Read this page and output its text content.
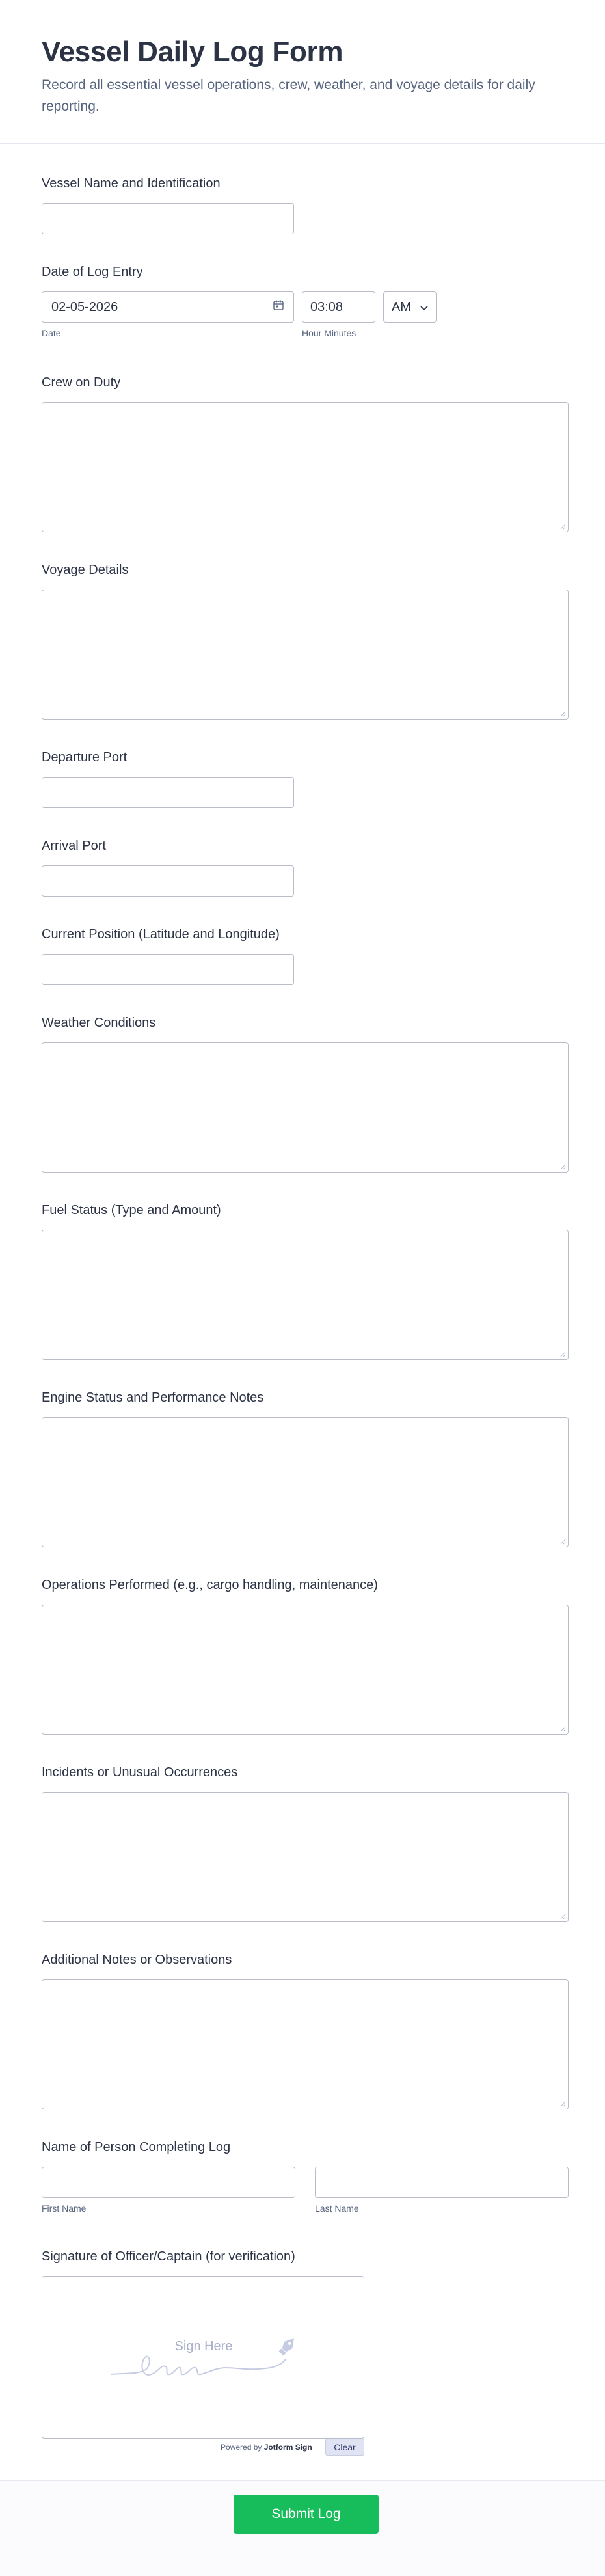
Vessel Daily Log Form
Record all essential vessel operations, crew, weather, and voyage details for daily reporting.
Vessel Name and Identification
Date of Log Entry
02-05-2026
Date
03:08
Hour Minutes
AM
Crew on Duty
Voyage Details
Departure Port
Arrival Port
Current Position (Latitude and Longitude)
Weather Conditions
Fuel Status (Type and Amount)
Engine Status and Performance Notes
Operations Performed (e.g., cargo handling, maintenance)
Incidents or Unusual Occurrences
Additional Notes or Observations
Name of Person Completing Log
First Name	Last Name
Signature of Officer/Captain (for verification)
Sign Here
Powered by Jotform Sign	Clear
Submit Log
